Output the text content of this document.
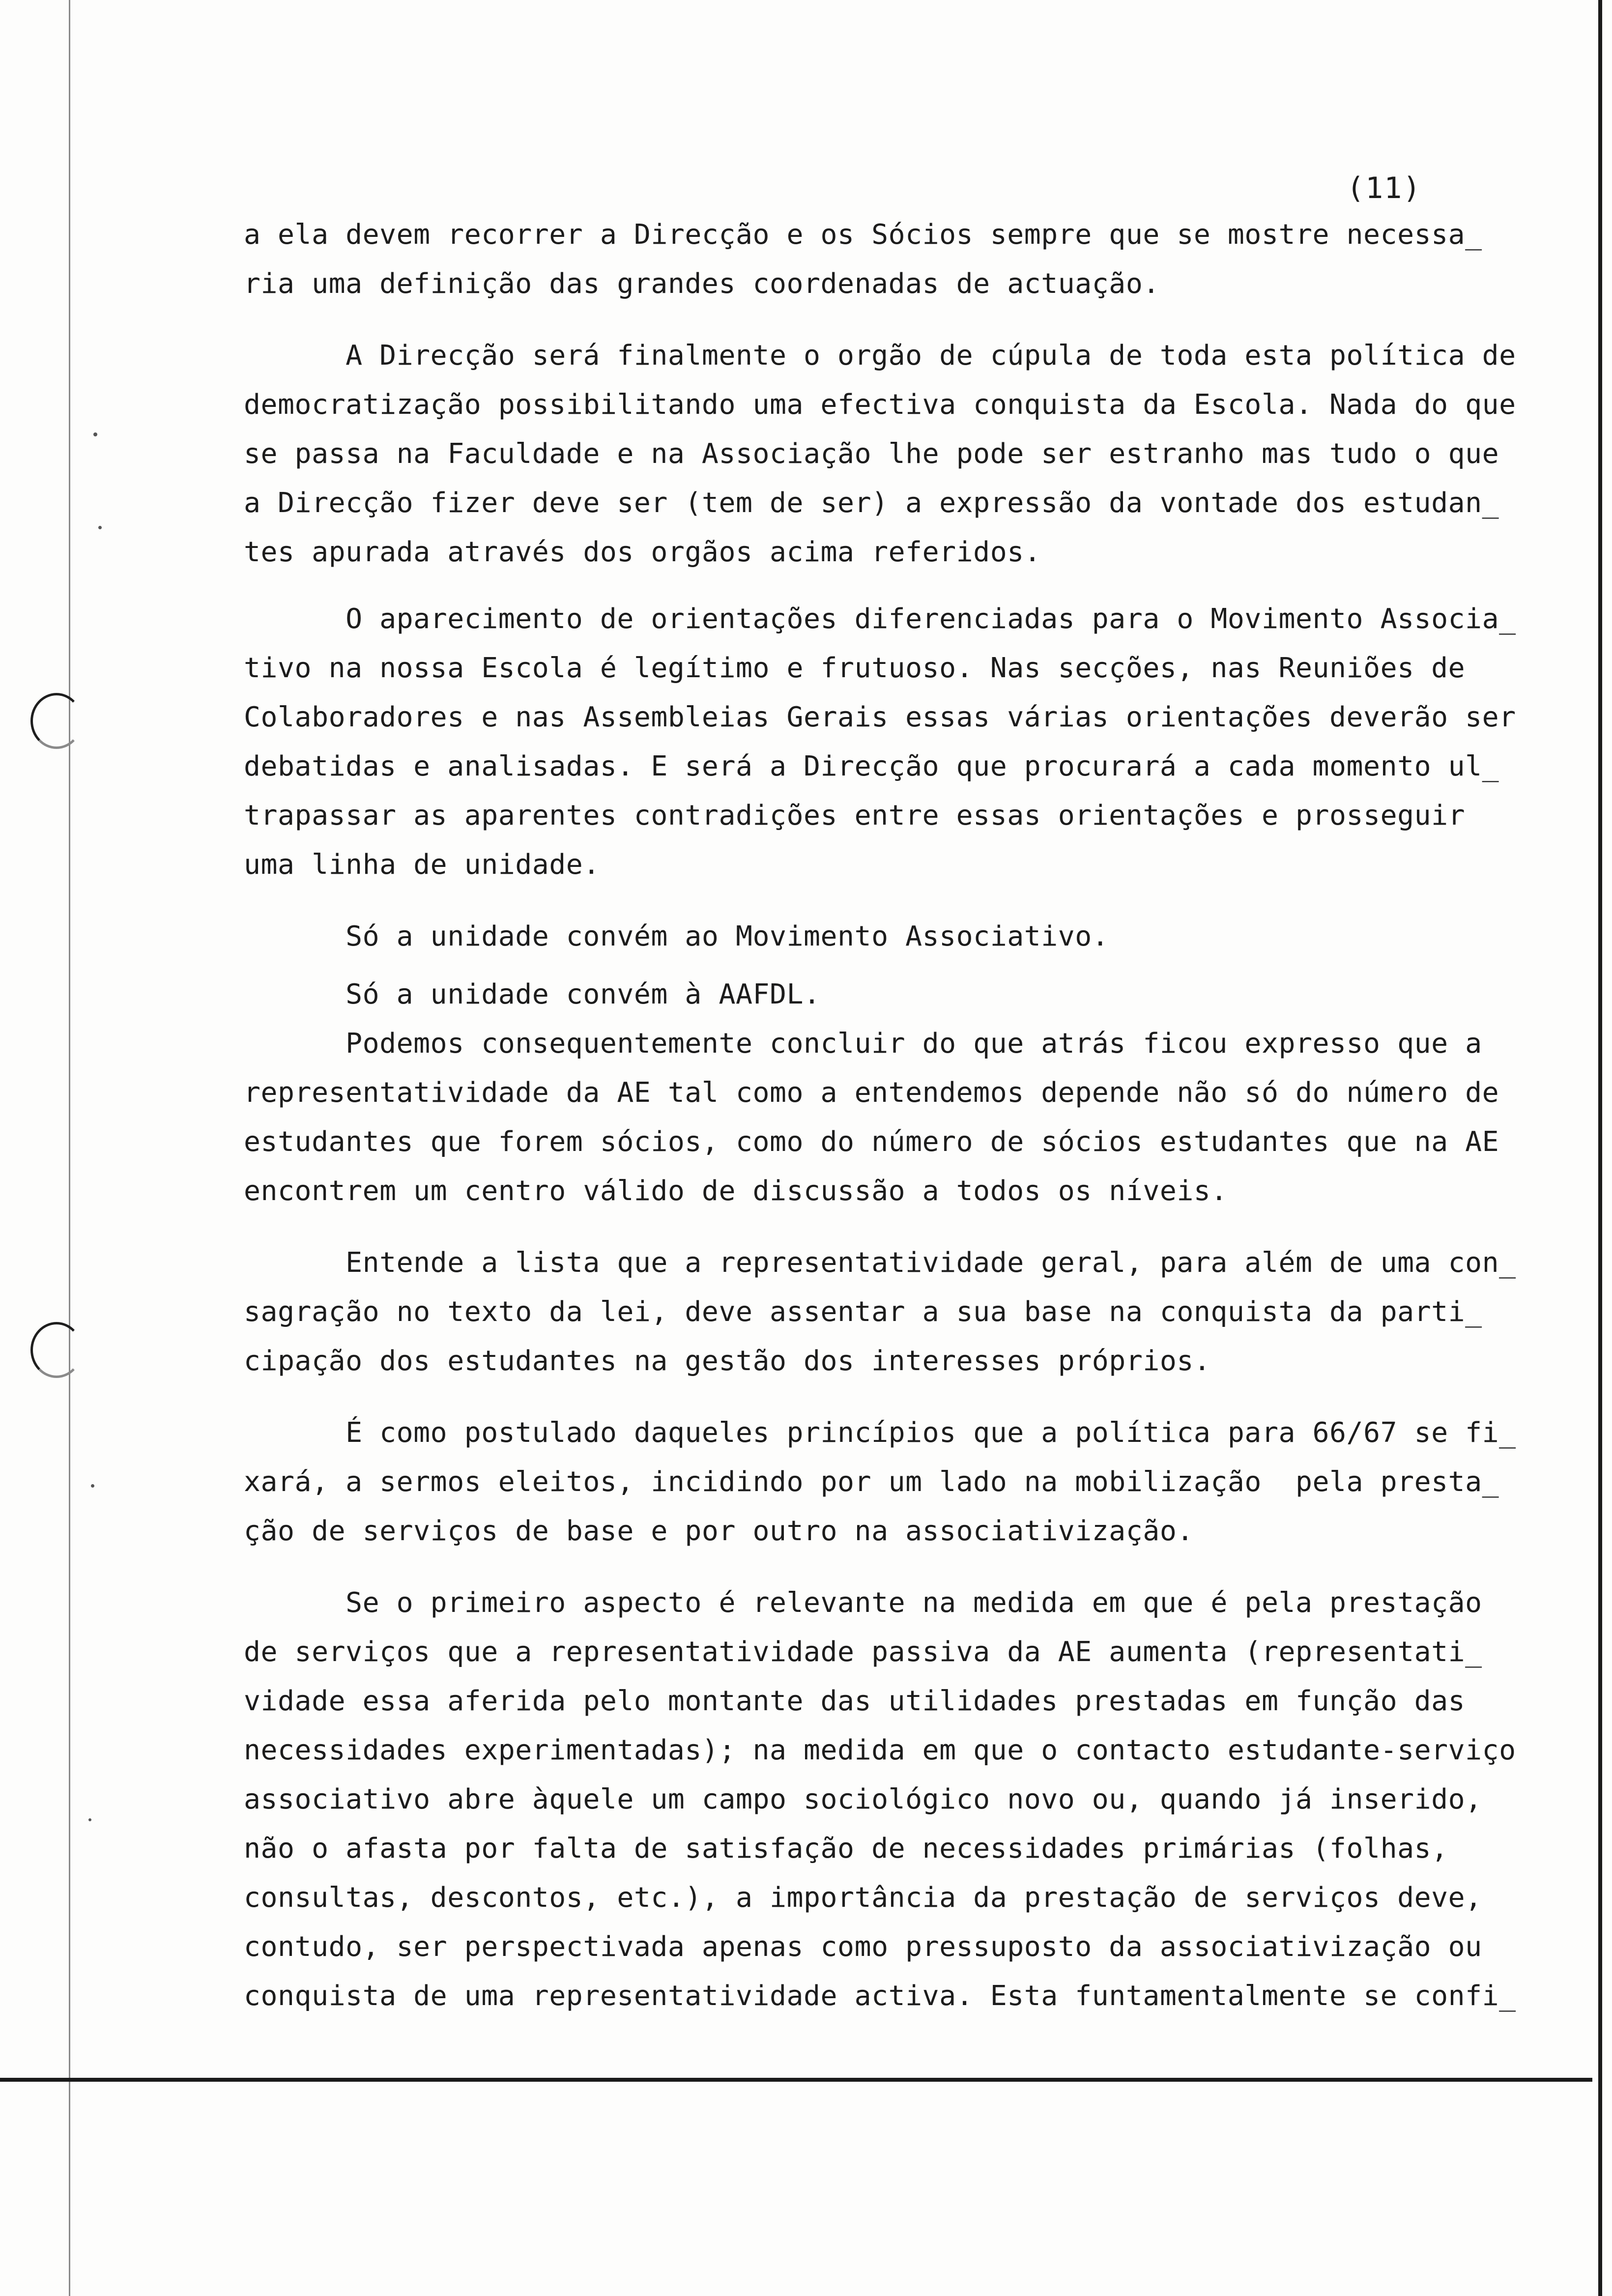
(11)

a ela devem recorrer a Direcção e os Sócios sempre que se mostre necessa_
ria uma definição das grandes coordenadas de actuação.

A Direcção será finalmente o orgão de cúpula de toda esta política de
democratização possibilitando uma efectiva conquista da Escola. Nada do que
se passa na Faculdade e na Associação lhe pode ser estranho mas tudo o que
a Direcção fizer deve ser (tem de ser) a expressão da vontade dos estudan_
tes apurada através dos orgãos acima referidos.

O aparecimento de orientações diferenciadas para o Movimento Associa_
tivo na nossa Escola é legítimo e frutuoso. Nas secções, nas Reuniões de
Colaboradores e nas Assembleias Gerais essas várias orientações deverão ser
debatidas e analisadas. E será a Direcção que procurará a cada momento ul_
trapassar as aparentes contradições entre essas orientações e prosseguir
uma linha de unidade.

Só a unidade convém ao Movimento Associativo.

Só a unidade convém à AAFDL.

Podemos consequentemente concluir do que atrás ficou expresso que a
representatividade da AE tal como a entendemos depende não só do número de
estudantes que forem sócios, como do número de sócios estudantes que na AE
encontrem um centro válido de discussão a todos os níveis.

Entende a lista que a representatividade geral, para além de uma con_
sagração no texto da lei, deve assentar a sua base na conquista da parti_
cipação dos estudantes na gestão dos interesses próprios.

É como postulado daqueles princípios que a política para 66/67 se fi_
xará, a sermos eleitos, incidindo por um lado na mobilização  pela presta_
ção de serviços de base e por outro na associativização.

Se o primeiro aspecto é relevante na medida em que é pela prestação
de serviços que a representatividade passiva da AE aumenta (representati_
vidade essa aferida pelo montante das utilidades prestadas em função das
necessidades experimentadas); na medida em que o contacto estudante-serviço
associativo abre àquele um campo sociológico novo ou, quando já inserido,
não o afasta por falta de satisfação de necessidades primárias (folhas,
consultas, descontos, etc.), a importância da prestação de serviços deve,
contudo, ser perspectivada apenas como pressuposto da associativização ou
conquista de uma representatividade activa. Esta funtamentalmente se confi_
